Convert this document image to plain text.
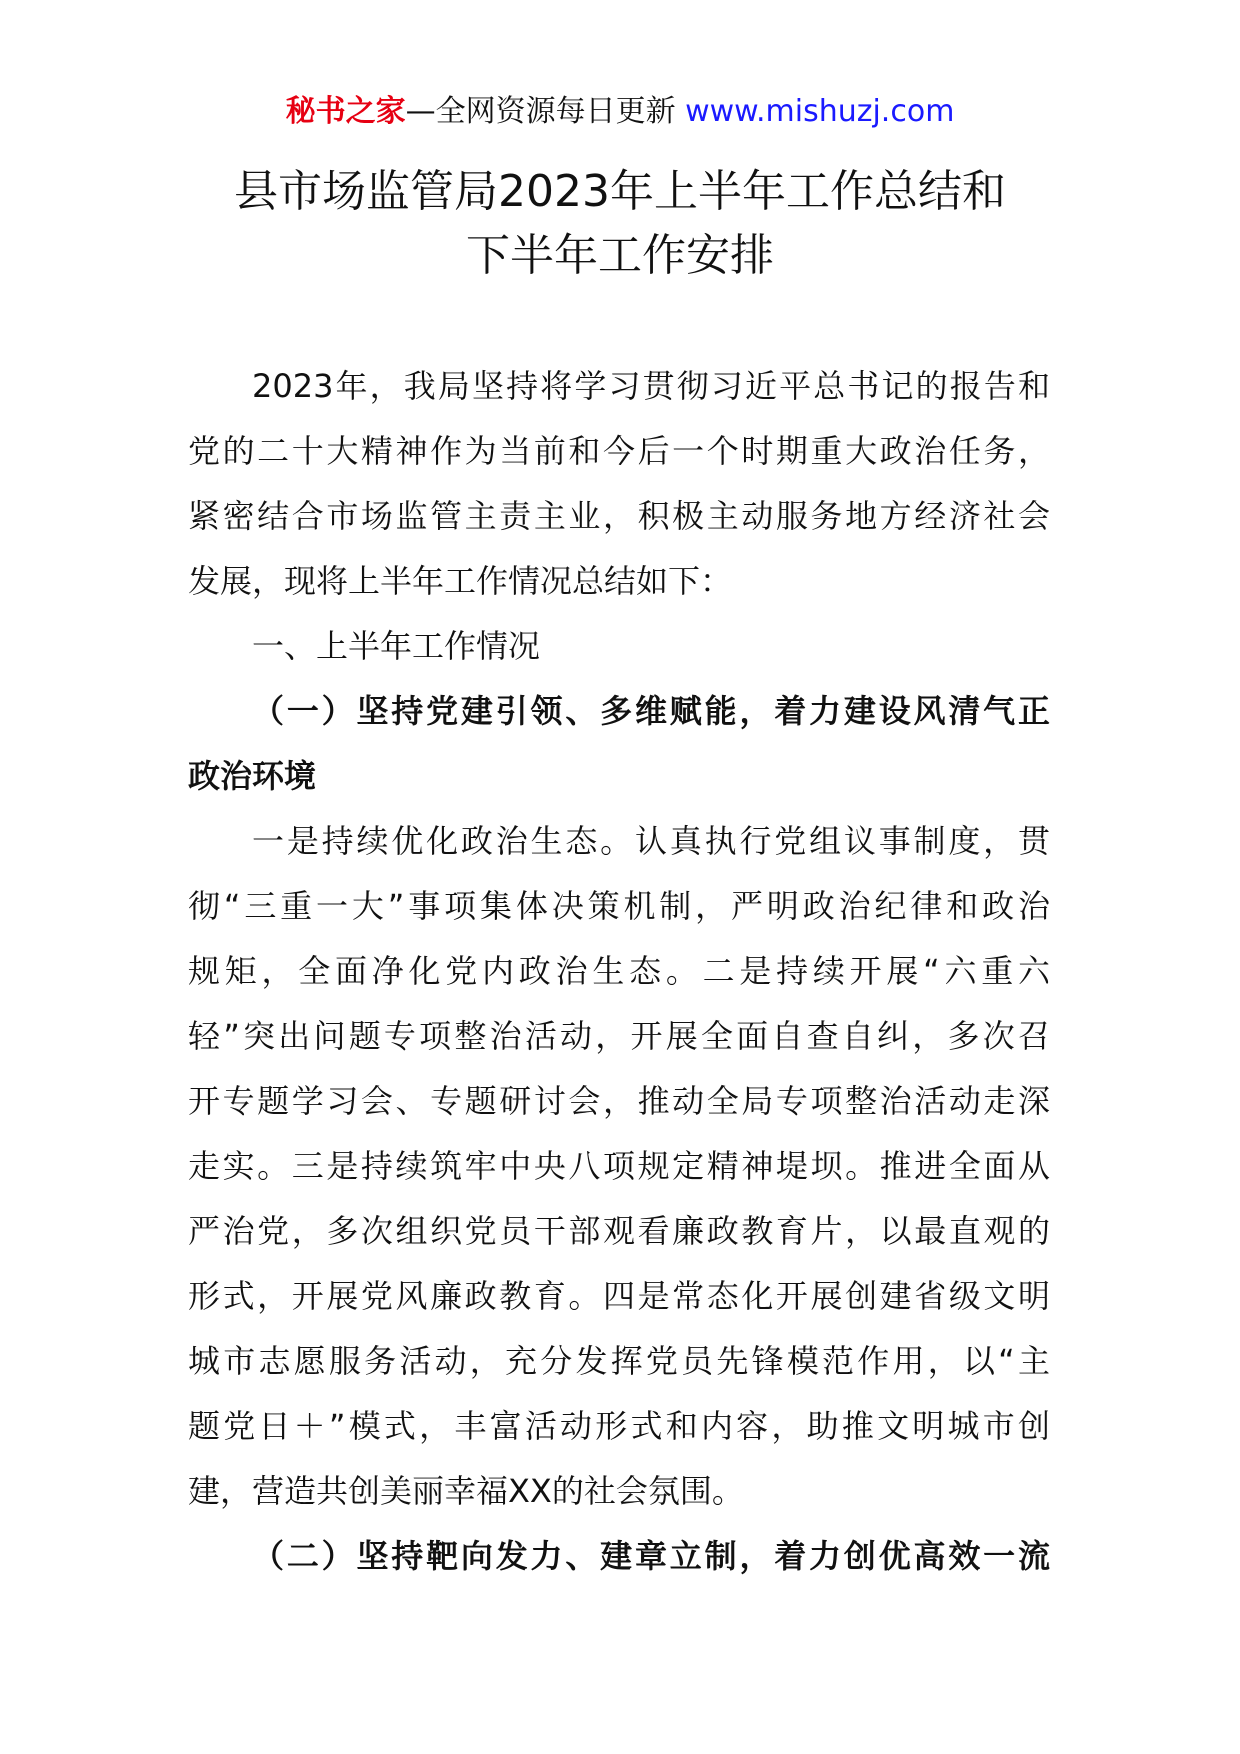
秘书之家—全网资源每日更新 www.mishuzj.com
县市场监管局2023年上半年工作总结和
下半年工作安排
2023年，我局坚持将学习贯彻习近平总书记的报告和
党的二十大精神作为当前和今后一个时期重大政治任务，
紧密结合市场监管主责主业，积极主动服务地方经济社会
发展，现将上半年工作情况总结如下：
一、上半年工作情况
（一）坚持党建引领、多维赋能，着力建设风清气正
政治环境
一是持续优化政治生态。认真执行党组议事制度，贯
彻“三重一大”事项集体决策机制，严明政治纪律和政治
规矩，全面净化党内政治生态。二是持续开展“六重六
轻”突出问题专项整治活动，开展全面自查自纠，多次召
开专题学习会、专题研讨会，推动全局专项整治活动走深
走实。三是持续筑牢中央八项规定精神堤坝。推进全面从
严治党，多次组织党员干部观看廉政教育片，以最直观的
形式，开展党风廉政教育。四是常态化开展创建省级文明
城市志愿服务活动，充分发挥党员先锋模范作用，以“主
题党日＋”模式，丰富活动形式和内容，助推文明城市创
建，营造共创美丽幸福XX的社会氛围。
（二）坚持靶向发力、建章立制，着力创优高效一流
